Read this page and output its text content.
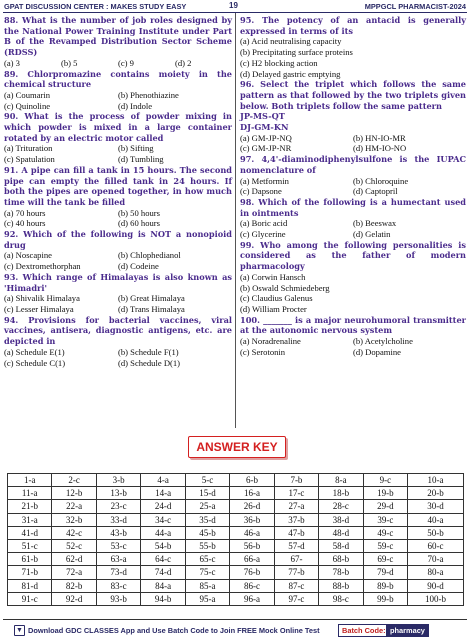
GPAT DISCUSSION CENTER : MAKES STUDY EASY	19	MPPGCL PHARMACIST-2024
88. What is the number of job roles designed by the National Power Training Institute under Part B of the Revamped Distribution Sector Scheme (RDSS)
(a) 3	(b) 5	(c) 9	(d) 2
89. Chlorpromazine contains moiety in the chemical structure
(a) Coumarin	(b) Phenothiazine
(c) Quinoline	(d) Indole
90. What is the process of powder mixing in which powder is mixed in a large container rotated by an electric motor called
(a) Trituration	(b) Sifting
(c) Spatulation	(d) Tumbling
91. A pipe can fill a tank in 15 hours. The second pipe can empty the filled tank in 24 hours. If both the pipes are opened together, in how much time will the tank be filled
(a) 70 hours	(b) 50 hours
(c) 40 hours	(d) 60 hours
92. Which of the following is NOT a nonopioid drug
(a) Noscapine	(b) Chlophedianol
(c) Dextromethorphan	(d) Codeine
93. Which range of Himalayas is also known as 'Himadri'
(a) Shivalik Himalaya	(b) Great Himalaya
(c) Lesser Himalaya	(d) Trans Himalaya
94. Provisions for bacterial vaccines, viral vaccines, antisera, diagnostic antigens, etc. are depicted in
(a) Schedule E(1)	(b) Schedule F(1)
(c) Schedule C(1)	(d) Schedule D(1)
95. The potency of an antacid is generally expressed in terms of its
(a) Acid neutralising capacity
(b) Precipitating surface proteins
(c) H2 blocking action
(d) Delayed gastric emptying
96. Select the triplet which follows the same pattern as that followed by the two triplets given below. Both triplets follow the same pattern
JP-MS-QT
DJ-GM-KN
(a) GM-JP-NQ	(b) HN-IO-MR
(c) GM-JP-NR	(d) HM-IO-NO
97. 4,4'-diaminodiphenylsulfone is the IUPAC nomenclature of
(a) Metformin	(b) Chloroquine
(c) Dapsone	(d) Captopril
98. Which of the following is a humectant used in ointments
(a) Boric acid	(b) Beeswax
(c) Glycerine	(d) Gelatin
99. Who among the following personalities is considered as the father of modern pharmacology
(a) Corwin Hansch
(b) Oswald Schmiedeberg
(c) Claudius Galenus
(d) William Procter
100. _______ is a major neurohumoral transmitter at the autonomic nervous system
(a) Noradrenaline	(b) Acetylcholine
(c) Serotonin	(d) Dopamine
ANSWER KEY
1-a	2-c	3-b	4-a	5-c	6-b	7-b	8-a	9-c	10-a
11-a	12-b	13-b	14-a	15-d	16-a	17-c	18-b	19-b	20-b
21-b	22-a	23-c	24-d	25-a	26-d	27-a	28-c	29-d	30-d
31-a	32-b	33-d	34-c	35-d	36-b	37-b	38-d	39-c	40-a
41-d	42-c	43-b	44-a	45-b	46-a	47-b	48-d	49-c	50-b
51-c	52-c	53-c	54-b	55-b	56-b	57-d	58-d	59-c	60-c
61-b	62-d	63-a	64-c	65-c	66-a	67-	68-b	69-c	70-a
71-b	72-a	73-d	74-d	75-c	76-b	77-b	78-b	79-d	80-a
81-d	82-b	83-c	84-a	85-a	86-c	87-c	88-b	89-b	90-d
91-c	92-d	93-b	94-b	95-a	96-a	97-c	98-c	99-b	100-b
▼ Download GDC CLASSES App and Use Batch Code to Join FREE Mock Online Test	Batch Code: pharmacy
